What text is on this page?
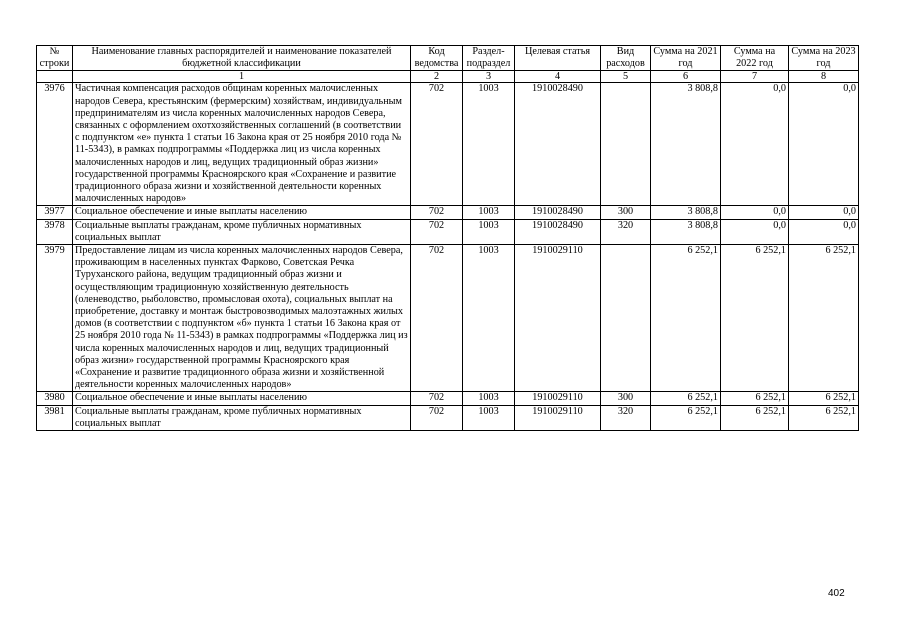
№ строки	Наименование главных распорядителей и наименование показателей бюджетной классификации	Код ведомства	Раздел-подраздел	Целевая статья	Вид расходов	Сумма на 2021 год	Сумма на 2022 год	Сумма на 2023 год
	1	2	3	4	5	6	7	8
3976	Частичная компенсация расходов общинам коренных малочисленных народов Севера, крестьянским (фермерским) хозяйствам, индивидуальным предпринимателям из числа коренных малочисленных народов Севера, связанных с оформлением охотхозяйственных соглашений (в соответствии с подпунктом «е» пункта 1 статьи 16 Закона края от 25 ноября 2010 года № 11-5343), в рамках подпрограммы «Поддержка лиц из числа коренных малочисленных народов и лиц, ведущих традиционный образ жизни» государственной программы Красноярского края «Сохранение и развитие традиционного образа жизни и хозяйственной деятельности коренных малочисленных народов»	702	1003	1910028490		3 808,8	0,0	0,0
3977	Социальное обеспечение и иные выплаты населению	702	1003	1910028490	300	3 808,8	0,0	0,0
3978	Социальные выплаты гражданам, кроме публичных нормативных социальных выплат	702	1003	1910028490	320	3 808,8	0,0	0,0
3979	Предоставление лицам из числа коренных малочисленных народов Севера, проживающим в населенных пунктах Фарково, Советская Речка Туруханского района, ведущим традиционный образ жизни и осуществляющим традиционную хозяйственную деятельность (оленеводство, рыболовство, промысловая охота), социальных выплат на приобретение, доставку и монтаж быстровозводимых малоэтажных жилых домов (в соответствии с подпунктом «б» пункта 1 статьи 16 Закона края от 25 ноября 2010 года № 11-5343) в рамках подпрограммы «Поддержка лиц из числа коренных малочисленных народов и лиц, ведущих традиционный образ жизни» государственной программы Красноярского края «Сохранение и развитие традиционного образа жизни и хозяйственной деятельности коренных малочисленных народов»	702	1003	1910029110		6 252,1	6 252,1	6 252,1
3980	Социальное обеспечение и иные выплаты населению	702	1003	1910029110	300	6 252,1	6 252,1	6 252,1
3981	Социальные выплаты гражданам, кроме публичных нормативных социальных выплат	702	1003	1910029110	320	6 252,1	6 252,1	6 252,1
402
